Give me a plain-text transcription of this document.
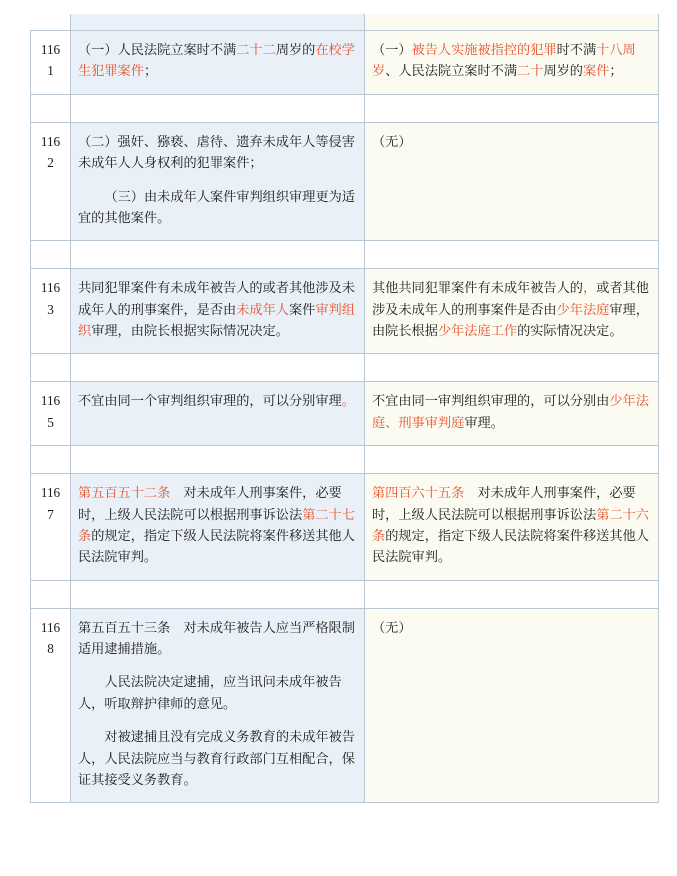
1161	（一）人民法院立案时不满二十二周岁的在校学生犯罪案件；	（一）被告人实施被指控的犯罪时不满十八周岁、人民法院立案时不满二十周岁的案件；

1162	（二）强奸、猕亵、虐待、遗弃未成年人等侵害未成年人人身权利的犯罪案件；
（三）由未成年人案件审判组织审理更为适宜的其他案件。	（无）

1163	共同犯罪案件有未成年被告人的或者其他涉及未成年人的刑事案件，是否由未成年人案件审判组织审理，由院长根据实际情况决定。	其他共同犯罪案件有未成年被告人的，或者其他涉及未成年人的刑事案件是否由少年法庭审理，由院长根据少年法庭工作的实际情况决定。

1165	不宜由同一个审判组织审理的，可以分别审理。	不宜由同一审判组织审理的，可以分别由少年法庭、刑事审判庭审理。

1167	第五百五十二条　对未成年人刑事案件，必要时，上级人民法院可以根据刑事诉讼法第二十七条的规定，指定下级人民法院将案件移送其他人民法院审判。	第四百六十五条　对未成年人刑事案件，必要时，上级人民法院可以根据刑事诉讼法第二十六条的规定，指定下级人民法院将案件移送其他人民法院审判。

1168	第五百五十三条　对未成年被告人应当严格限制适用逮捕措施。
人民法院决定逮捕，应当讯问未成年被告人，听取辩护律师的意见。
对被逮捕且没有完成义务教育的未成年被告人，人民法院应当与教育行政部门互相配合，保证其接受义务教育。	（无）
